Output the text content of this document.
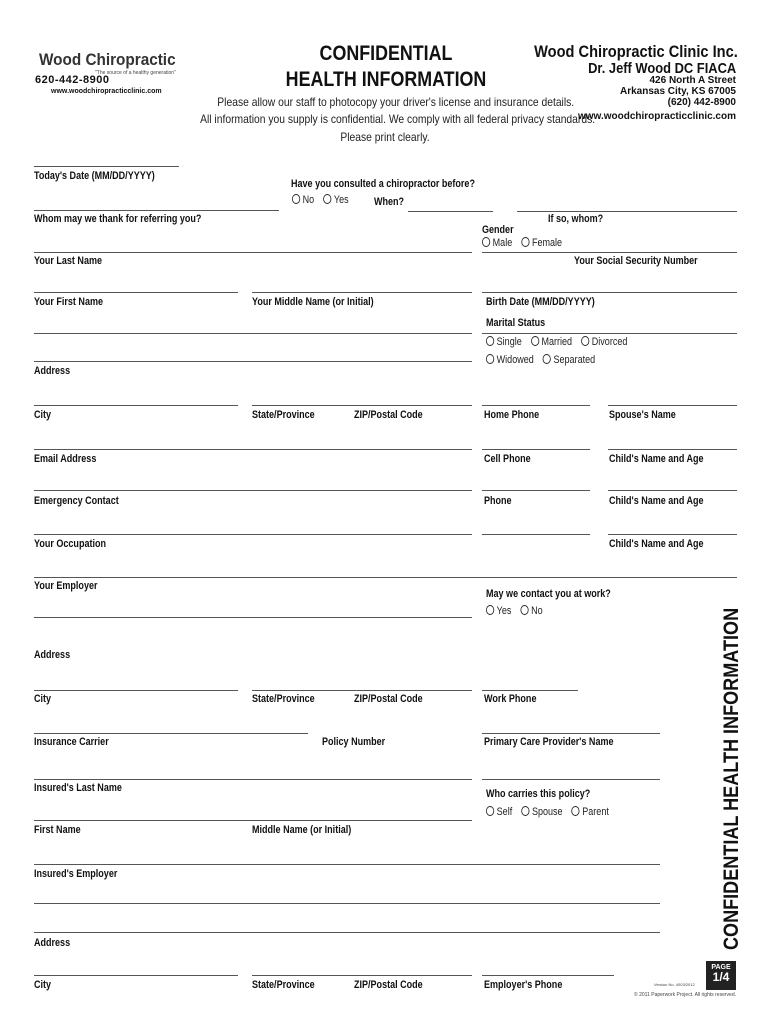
Wood Chiropractic
"The source of a healthy generation"
620-442-8900
www.woodchiropracticclinic.com
CONFIDENTIAL
HEALTH INFORMATION
Please allow our staff to photocopy your driver's license and insurance details.
All information you supply is confidential. We comply with all federal privacy standards.
Please print clearly.
Wood Chiropractic Clinic Inc.
Dr. Jeff Wood DC FIACA
426 North A Street
Arkansas City, KS 67005
(620) 442-8900
www.woodchiropracticclinic.com
Today's Date (MM/DD/YYYY)
Have you consulted a chiropractor before?
No Yes When?
Whom may we thank for referring you?	If so, whom?
Gender
Male Female
Your Last Name	Your Social Security Number
Your First Name	Your Middle Name (or Initial)	Birth Date (MM/DD/YYYY)
Marital Status
Single Married Divorced
Widowed Separated
Address
City	State/Province	ZIP/Postal Code	Home Phone	Spouse's Name
Email Address	Cell Phone	Child's Name and Age
Emergency Contact	Phone	Child's Name and Age
Your Occupation	Child's Name and Age
Your Employer
May we contact you at work?
Yes No
Address
City	State/Province	ZIP/Postal Code	Work Phone
Insurance Carrier	Policy Number	Primary Care Provider's Name
Insured's Last Name	Who carries this policy?
Self Spouse Parent
First Name	Middle Name (or Initial)
Insured's Employer
Address
City	State/Province	ZIP/Postal Code	Employer's Phone
CONFIDENTIAL HEALTH INFORMATION
PAGE
1/4
Version No. 4003/2012
© 2011 Paperwork Project. All rights reserved.
